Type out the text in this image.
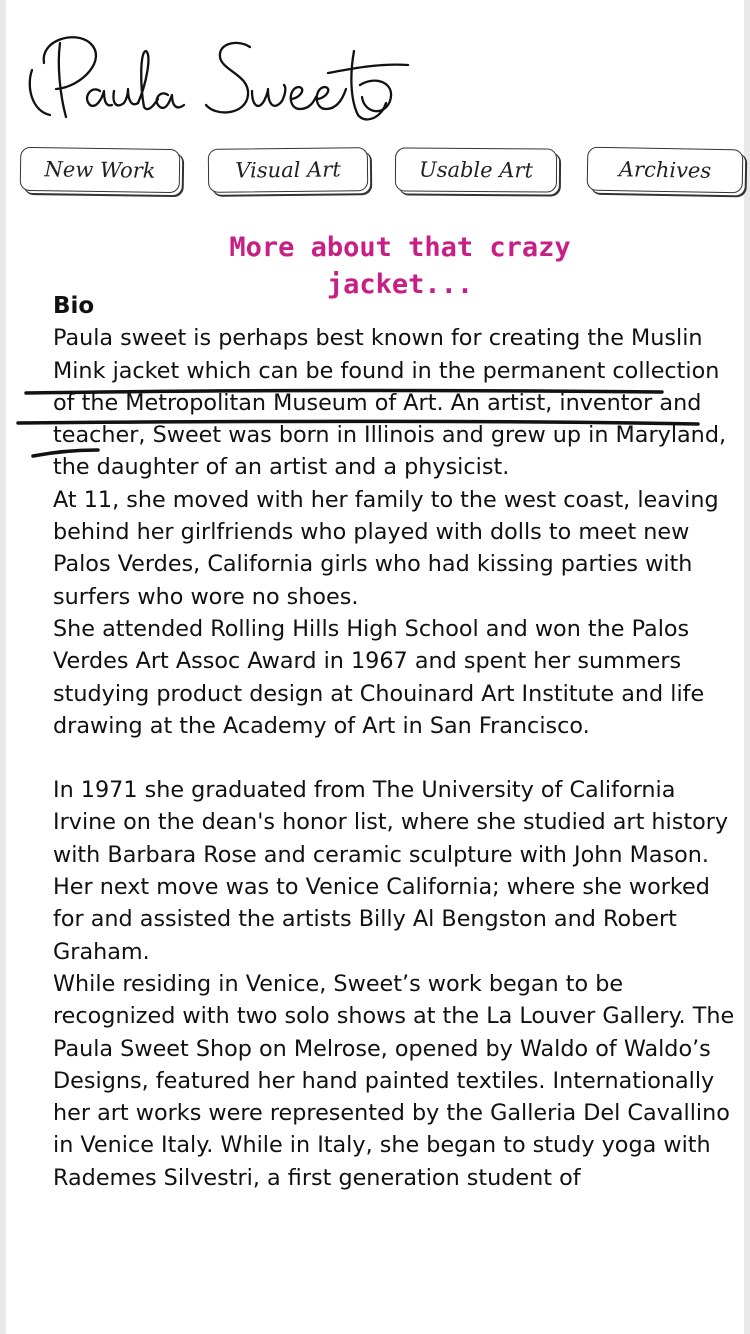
New Work	Visual Art	Usable Art	Archives
More about that crazy
jacket...
Bio

Paula sweet is perhaps best known for creating the Muslin Mink jacket which can be found in the permanent collection of the Metropolitan Museum of Art. An artist, inventor and teacher, Sweet was born in Illinois and grew up in Maryland, the daughter of an artist and a physicist.

At 11, she moved with her family to the west coast, leaving behind her girlfriends who played with dolls to meet new Palos Verdes, California girls who had kissing parties with surfers who wore no shoes.

She attended Rolling Hills High School and won the Palos Verdes Art Assoc Award in 1967 and spent her summers studying product design at Chouinard Art Institute and life drawing at the Academy of Art in San Francisco.

In 1971 she graduated from The University of California Irvine on the dean's honor list, where she studied art history with Barbara Rose and ceramic sculpture with John Mason.

Her next move was to Venice California; where she worked for and assisted the artists Billy Al Bengston and Robert Graham.

While residing in Venice, Sweet’s work began to be recognized with two solo shows at the La Louver Gallery. The Paula Sweet Shop on Melrose, opened by Waldo of Waldo’s Designs, featured her hand painted textiles. Internationally her art works were represented by the Galleria Del Cavallino in Venice Italy. While in Italy, she began to study yoga with Rademes Silvestri, a first generation student of
